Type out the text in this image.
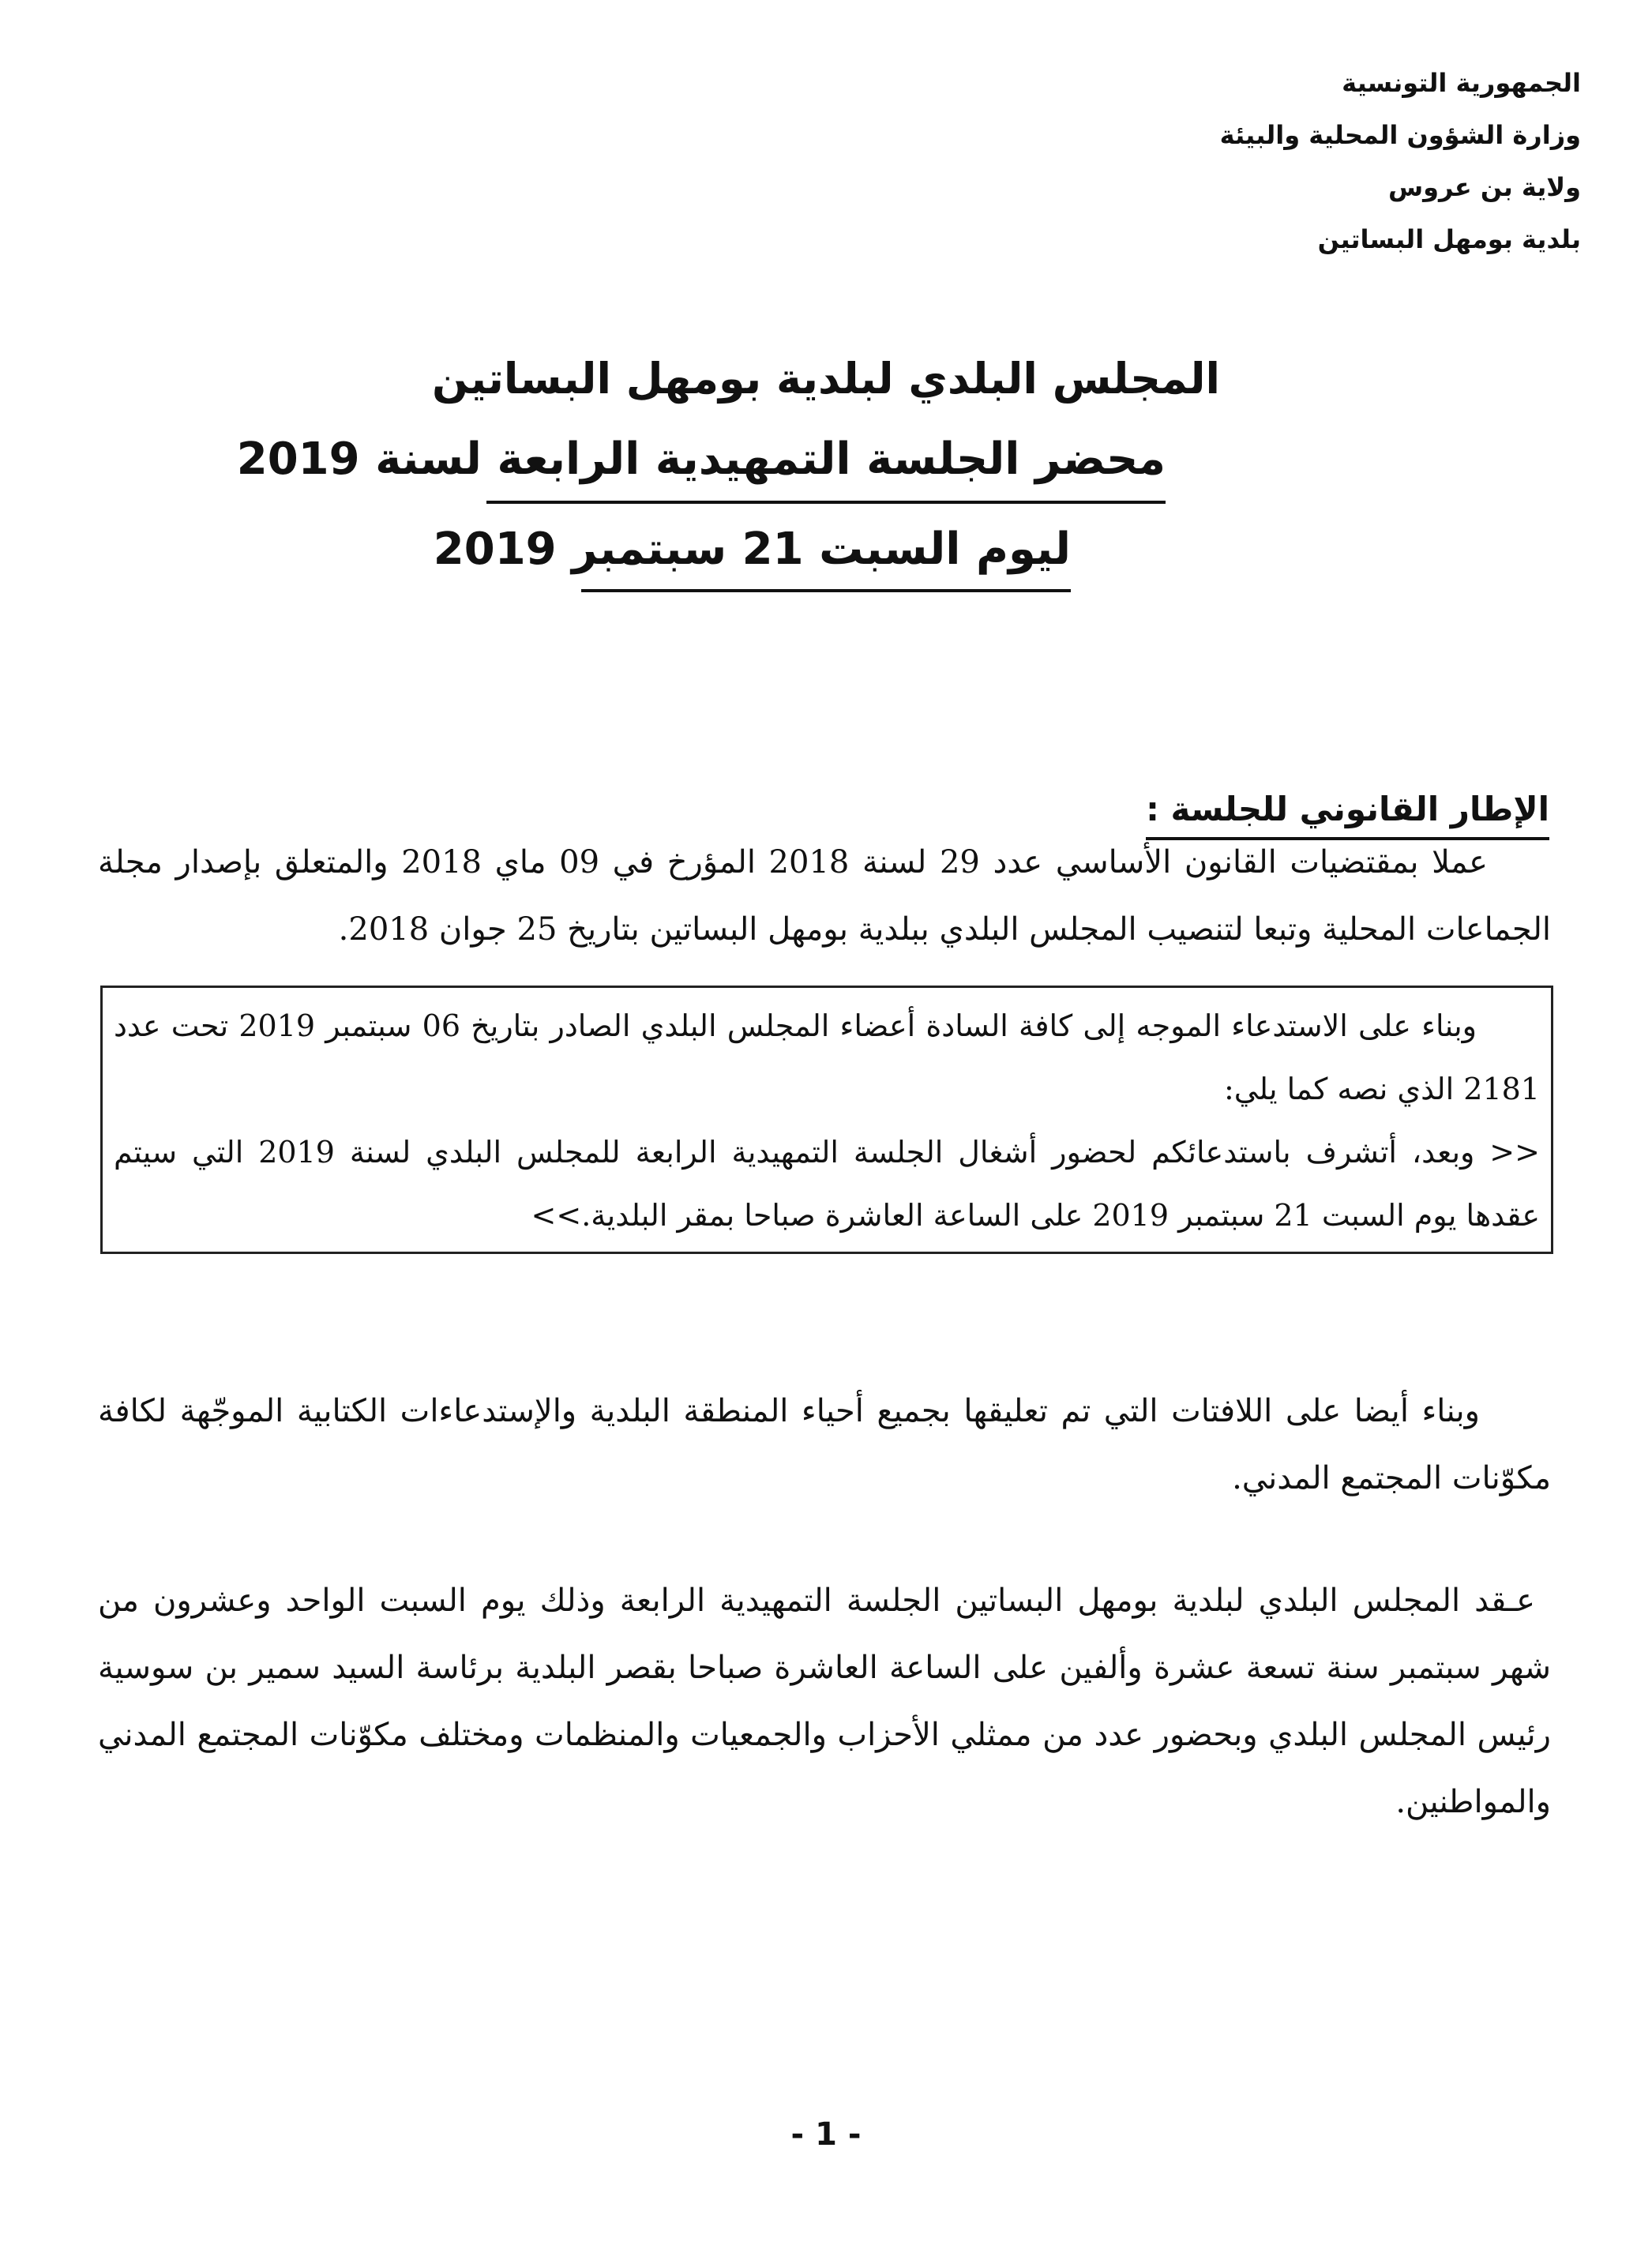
الجمهورية التونسية
وزارة الشؤون المحلية والبيئة
ولاية بن عروس
بلدية بومهل البساتين
المجلس البلدي لبلدية بومهل البساتين
محضر الجلسة التمهيدية الرابعة لسنة 2019
ليوم السبت 21 سبتمبر 2019
الإطار القانوني للجلسة :
عملا بمقتضيات القانون الأساسي عدد 29 لسنة 2018 المؤرخ في 09 ماي 2018 والمتعلق بإصدار مجلة الجماعات المحلية وتبعا لتنصيب المجلس البلدي ببلدية بومهل البساتين بتاريخ 25 جوان 2018.

وبناء على الاستدعاء الموجه إلى كافة السادة أعضاء المجلس البلدي الصادر بتاريخ 06 سبتمبر 2019 تحت عدد 2181 الذي نصه كما يلي:

<< وبعد، أتشرف باستدعائكم لحضور أشغال الجلسة التمهيدية الرابعة للمجلس البلدي لسنة 2019 التي سيتم عقدها يوم السبت 21 سبتمبر 2019 على الساعة العاشرة صباحا بمقر البلدية.>>

وبناء أيضا على اللافتات التي تم تعليقها بجميع أحياء المنطقة البلدية والإستدعاءات الكتابية الموجّهة لكافة مكوّنات المجتمع المدني.
عـقد المجلس البلدي لبلدية بومهل البساتين الجلسة التمهيدية الرابعة وذلك يوم السبت الواحد وعشرون من شهر سبتمبر سنة تسعة عشرة وألفين على الساعة العاشرة صباحا بقصر البلدية برئاسة السيد سمير بن سوسية رئيس المجلس البلدي وبحضور عدد من ممثلي الأحزاب والجمعيات والمنظمات ومختلف مكوّنات المجتمع المدني والمواطنين.
- 1 -
